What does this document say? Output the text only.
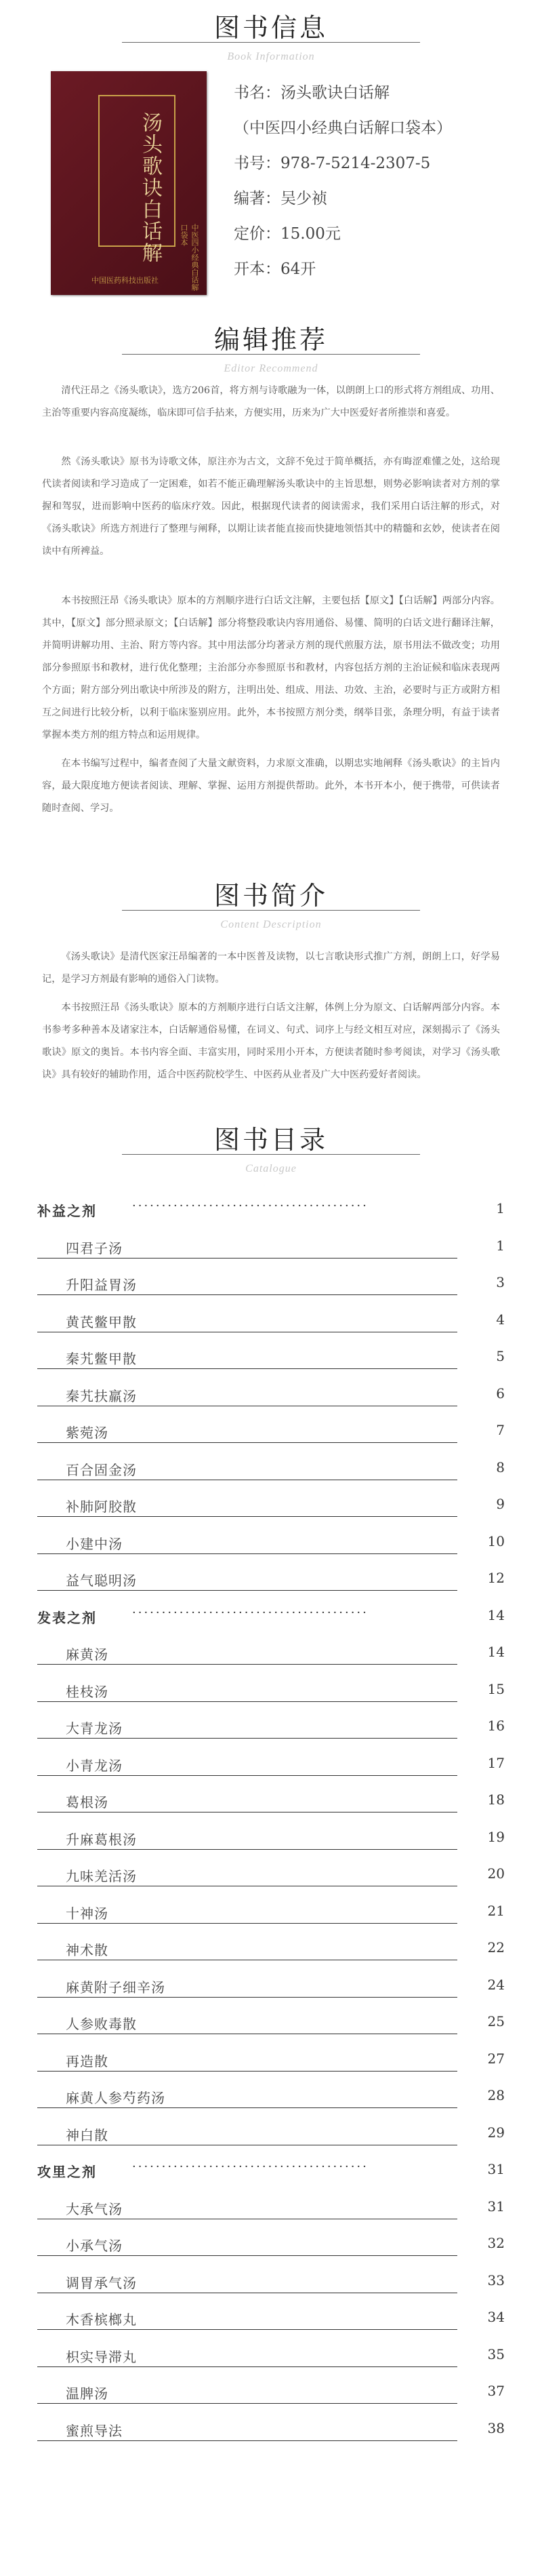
图书信息
Book Information
汤头歌诀白话解	中医四小经典白话解口袋本
中国医药科技出版社
书名：汤头歌诀白话解
（中医四小经典白话解口袋本）
书号：978-7-5214-2307-5
编著：吴少祯
定价：15.00元
开本：64开
编辑推荐
Editor Recommend

清代汪昂之《汤头歌诀》，选方206首，将方剂与诗歌融为一体，以朗朗上口的形式将方剂组成、功用、主治等重要内容高度凝练，临床即可信手拈来，方便实用，历来为广大中医爱好者所推崇和喜爱。

然《汤头歌诀》原书为诗歌文体，原注亦为古文，文辞不免过于简单概括，亦有晦涩难懂之处，这给现代读者阅读和学习造成了一定困难，如若不能正确理解汤头歌诀中的主旨思想，则势必影响读者对方剂的掌握和驾驭，进而影响中医药的临床疗效。因此，根据现代读者的阅读需求，我们采用白话注解的形式，对《汤头歌诀》所选方剂进行了整理与阐释，以期让读者能直接而快捷地领悟其中的精髓和玄妙，使读者在阅读中有所裨益。

本书按照汪昂《汤头歌诀》原本的方剂顺序进行白话文注解，主要包括【原文】【白话解】两部分内容。其中，【原文】部分照录原文；【白话解】部分将整段歌诀内容用通俗、易懂、简明的白话文进行翻译注解，并简明讲解功用、主治、附方等内容。其中用法部分均著录方剂的现代煎服方法，原书用法不做改变；功用部分参照原书和教材，进行优化整理；主治部分亦参照原书和教材，内容包括方剂的主治证候和临床表现两个方面；附方部分列出歌诀中所涉及的附方，注明出处、组成、用法、功效、主治，必要时与正方或附方相互之间进行比较分析，以利于临床鉴别应用。此外，本书按照方剂分类，纲举目张，条理分明，有益于读者掌握本类方剂的组方特点和运用规律。

在本书编写过程中，编者查阅了大量文献资料，力求原文准确，以期忠实地阐释《汤头歌诀》的主旨内容，最大限度地方便读者阅读、理解、掌握、运用方剂提供帮助。此外，本书开本小，便于携带，可供读者随时查阅、学习。

图书简介
Content Description

《汤头歌诀》是清代医家汪昂编著的一本中医普及读物，以七言歌诀形式推广方剂，朗朗上口，好学易记，是学习方剂最有影响的通俗入门读物。

本书按照汪昂《汤头歌诀》原本的方剂顺序进行白话文注解，体例上分为原文、白话解两部分内容。本书参考多种善本及诸家注本，白话解通俗易懂，在词义、句式、词序上与经文相互对应，深刻揭示了《汤头歌诀》原文的奥旨。本书内容全面、丰富实用，同时采用小开本，方便读者随时参考阅读，对学习《汤头歌诀》具有较好的辅助作用，适合中医药院校学生、中医药从业者及广大中医药爱好者阅读。

图书目录
Catalogue
········································
补益之剂	1
四君子汤	1
升阳益胃汤	3
黄芪鳖甲散	4
秦艽鳖甲散	5
秦艽扶羸汤	6
紫菀汤	7
百合固金汤	8
补肺阿胶散	9
小建中汤	10
益气聪明汤	12
········································
发表之剂	14
麻黄汤	14
桂枝汤	15
大青龙汤	16
小青龙汤	17
葛根汤	18
升麻葛根汤	19
九味羌活汤	20
十神汤	21
神术散	22
麻黄附子细辛汤	24
人参败毒散	25
再造散	27
麻黄人参芍药汤	28
神白散	29
········································
攻里之剂	31
大承气汤	31
小承气汤	32
调胃承气汤	33
木香槟榔丸	34
枳实导滞丸	35
温脾汤	37
蜜煎导法	38
